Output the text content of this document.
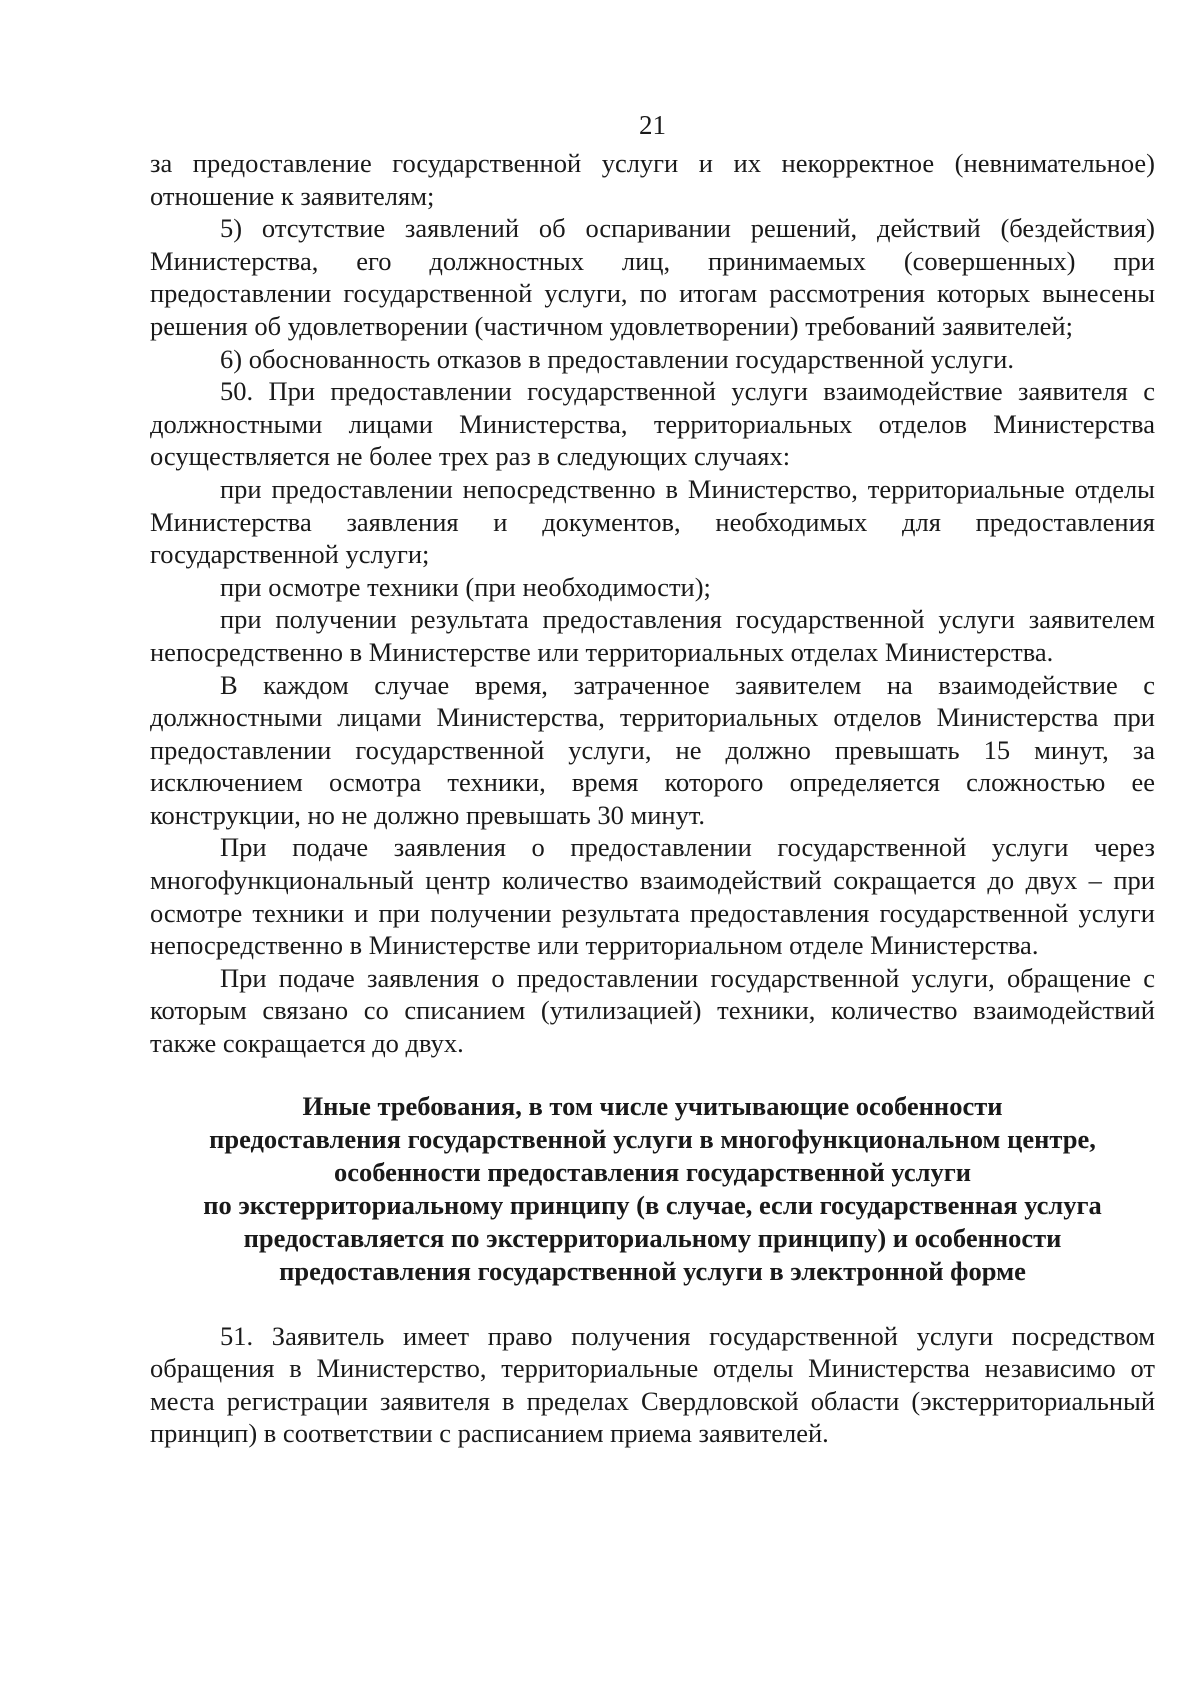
21

за предоставление государственной услуги и их некорректное (невнимательное) отношение к заявителям;

5) отсутствие заявлений об оспаривании решений, действий (бездействия) Министерства, его должностных лиц, принимаемых (совершенных) при предоставлении государственной услуги, по итогам рассмотрения которых вынесены решения об удовлетворении (частичном удовлетворении) требований заявителей;

6) обоснованность отказов в предоставлении государственной услуги.

50. При предоставлении государственной услуги взаимодействие заявителя с должностными лицами Министерства, территориальных отделов Министерства осуществляется не более трех раз в следующих случаях:

при предоставлении непосредственно в Министерство, территориальные отделы Министерства заявления и документов, необходимых для предоставления государственной услуги;

при осмотре техники (при необходимости);

при получении результата предоставления государственной услуги заявителем непосредственно в Министерстве или территориальных отделах Министерства.

В каждом случае время, затраченное заявителем на взаимодействие с должностными лицами Министерства, территориальных отделов Министерства при предоставлении государственной услуги, не должно превышать 15 минут, за исключением осмотра техники, время которого определяется сложностью ее конструкции, но не должно превышать 30 минут.

При подаче заявления о предоставлении государственной услуги через многофункциональный центр количество взаимодействий сокращается до двух – при осмотре техники и при получении результата предоставления государственной услуги непосредственно в Министерстве или территориальном отделе Министерства.

При подаче заявления о предоставлении государственной услуги, обращение с которым связано со списанием (утилизацией) техники, количество взаимодействий также сокращается до двух.

Иные требования, в том числе учитывающие особенности
предоставления государственной услуги в многофункциональном центре,
особенности предоставления государственной услуги
по экстерриториальному принципу (в случае, если государственная услуга
предоставляется по экстерриториальному принципу) и особенности
предоставления государственной услуги в электронной форме

51. Заявитель имеет право получения государственной услуги посредством обращения в Министерство, территориальные отделы Министерства независимо от места регистрации заявителя в пределах Свердловской области (экстерриториальный принцип) в соответствии с расписанием приема заявителей.
